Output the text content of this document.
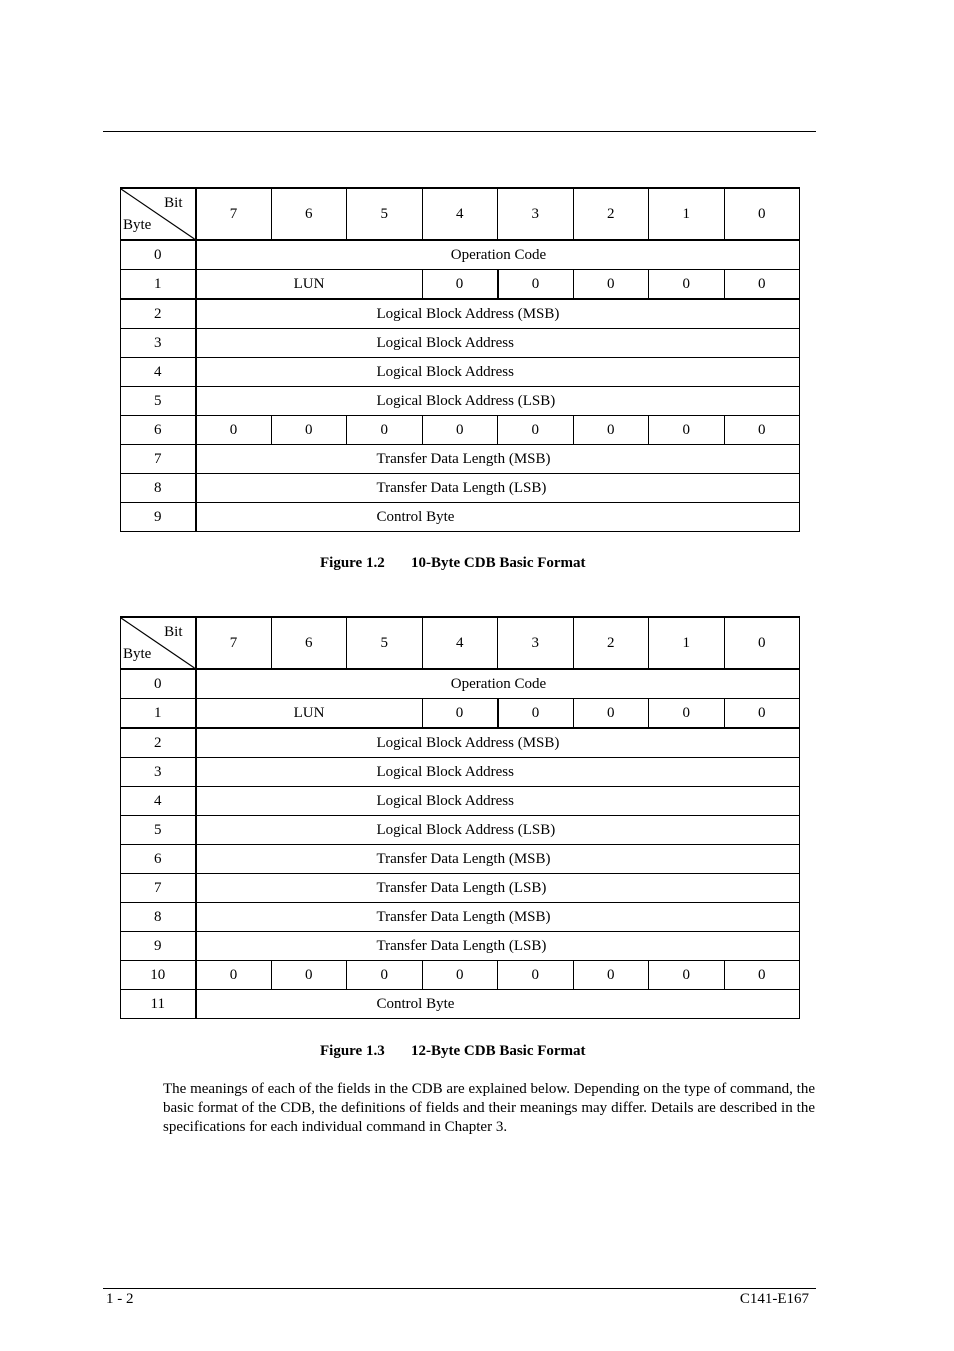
Bit
Byte	7	6	5	4	3	2	1	0
0	Operation Code							
1	LUN			0	0	0	0	0
2	Logical Block Address (MSB)							
3	Logical Block Address							
4	Logical Block Address							
5	Logical Block Address (LSB)							
6	0	0	0	0	0	0	0	0
7	Transfer Data Length (MSB)							
8	Transfer Data Length (LSB)							
9	Control Byte							
Figure 1.2 10-Byte CDB Basic Format
Bit
Byte	7	6	5	4	3	2	1	0
0	Operation Code							
1	LUN			0	0	0	0	0
2	Logical Block Address (MSB)							
3	Logical Block Address							
4	Logical Block Address							
5	Logical Block Address (LSB)							
6	Transfer Data Length (MSB)							
7	Transfer Data Length (LSB)							
8	Transfer Data Length (MSB)							
9	Transfer Data Length (LSB)							
10	0	0	0	0	0	0	0	0
11	Control Byte							
Figure 1.3 12-Byte CDB Basic Format

The meanings of each of the fields in the CDB are explained below. Depending on the type of command, the basic format of the CDB, the definitions of fields and their meanings may differ. Details are described in the specifications for each individual command in Chapter 3.

1 - 2	C141-E167
